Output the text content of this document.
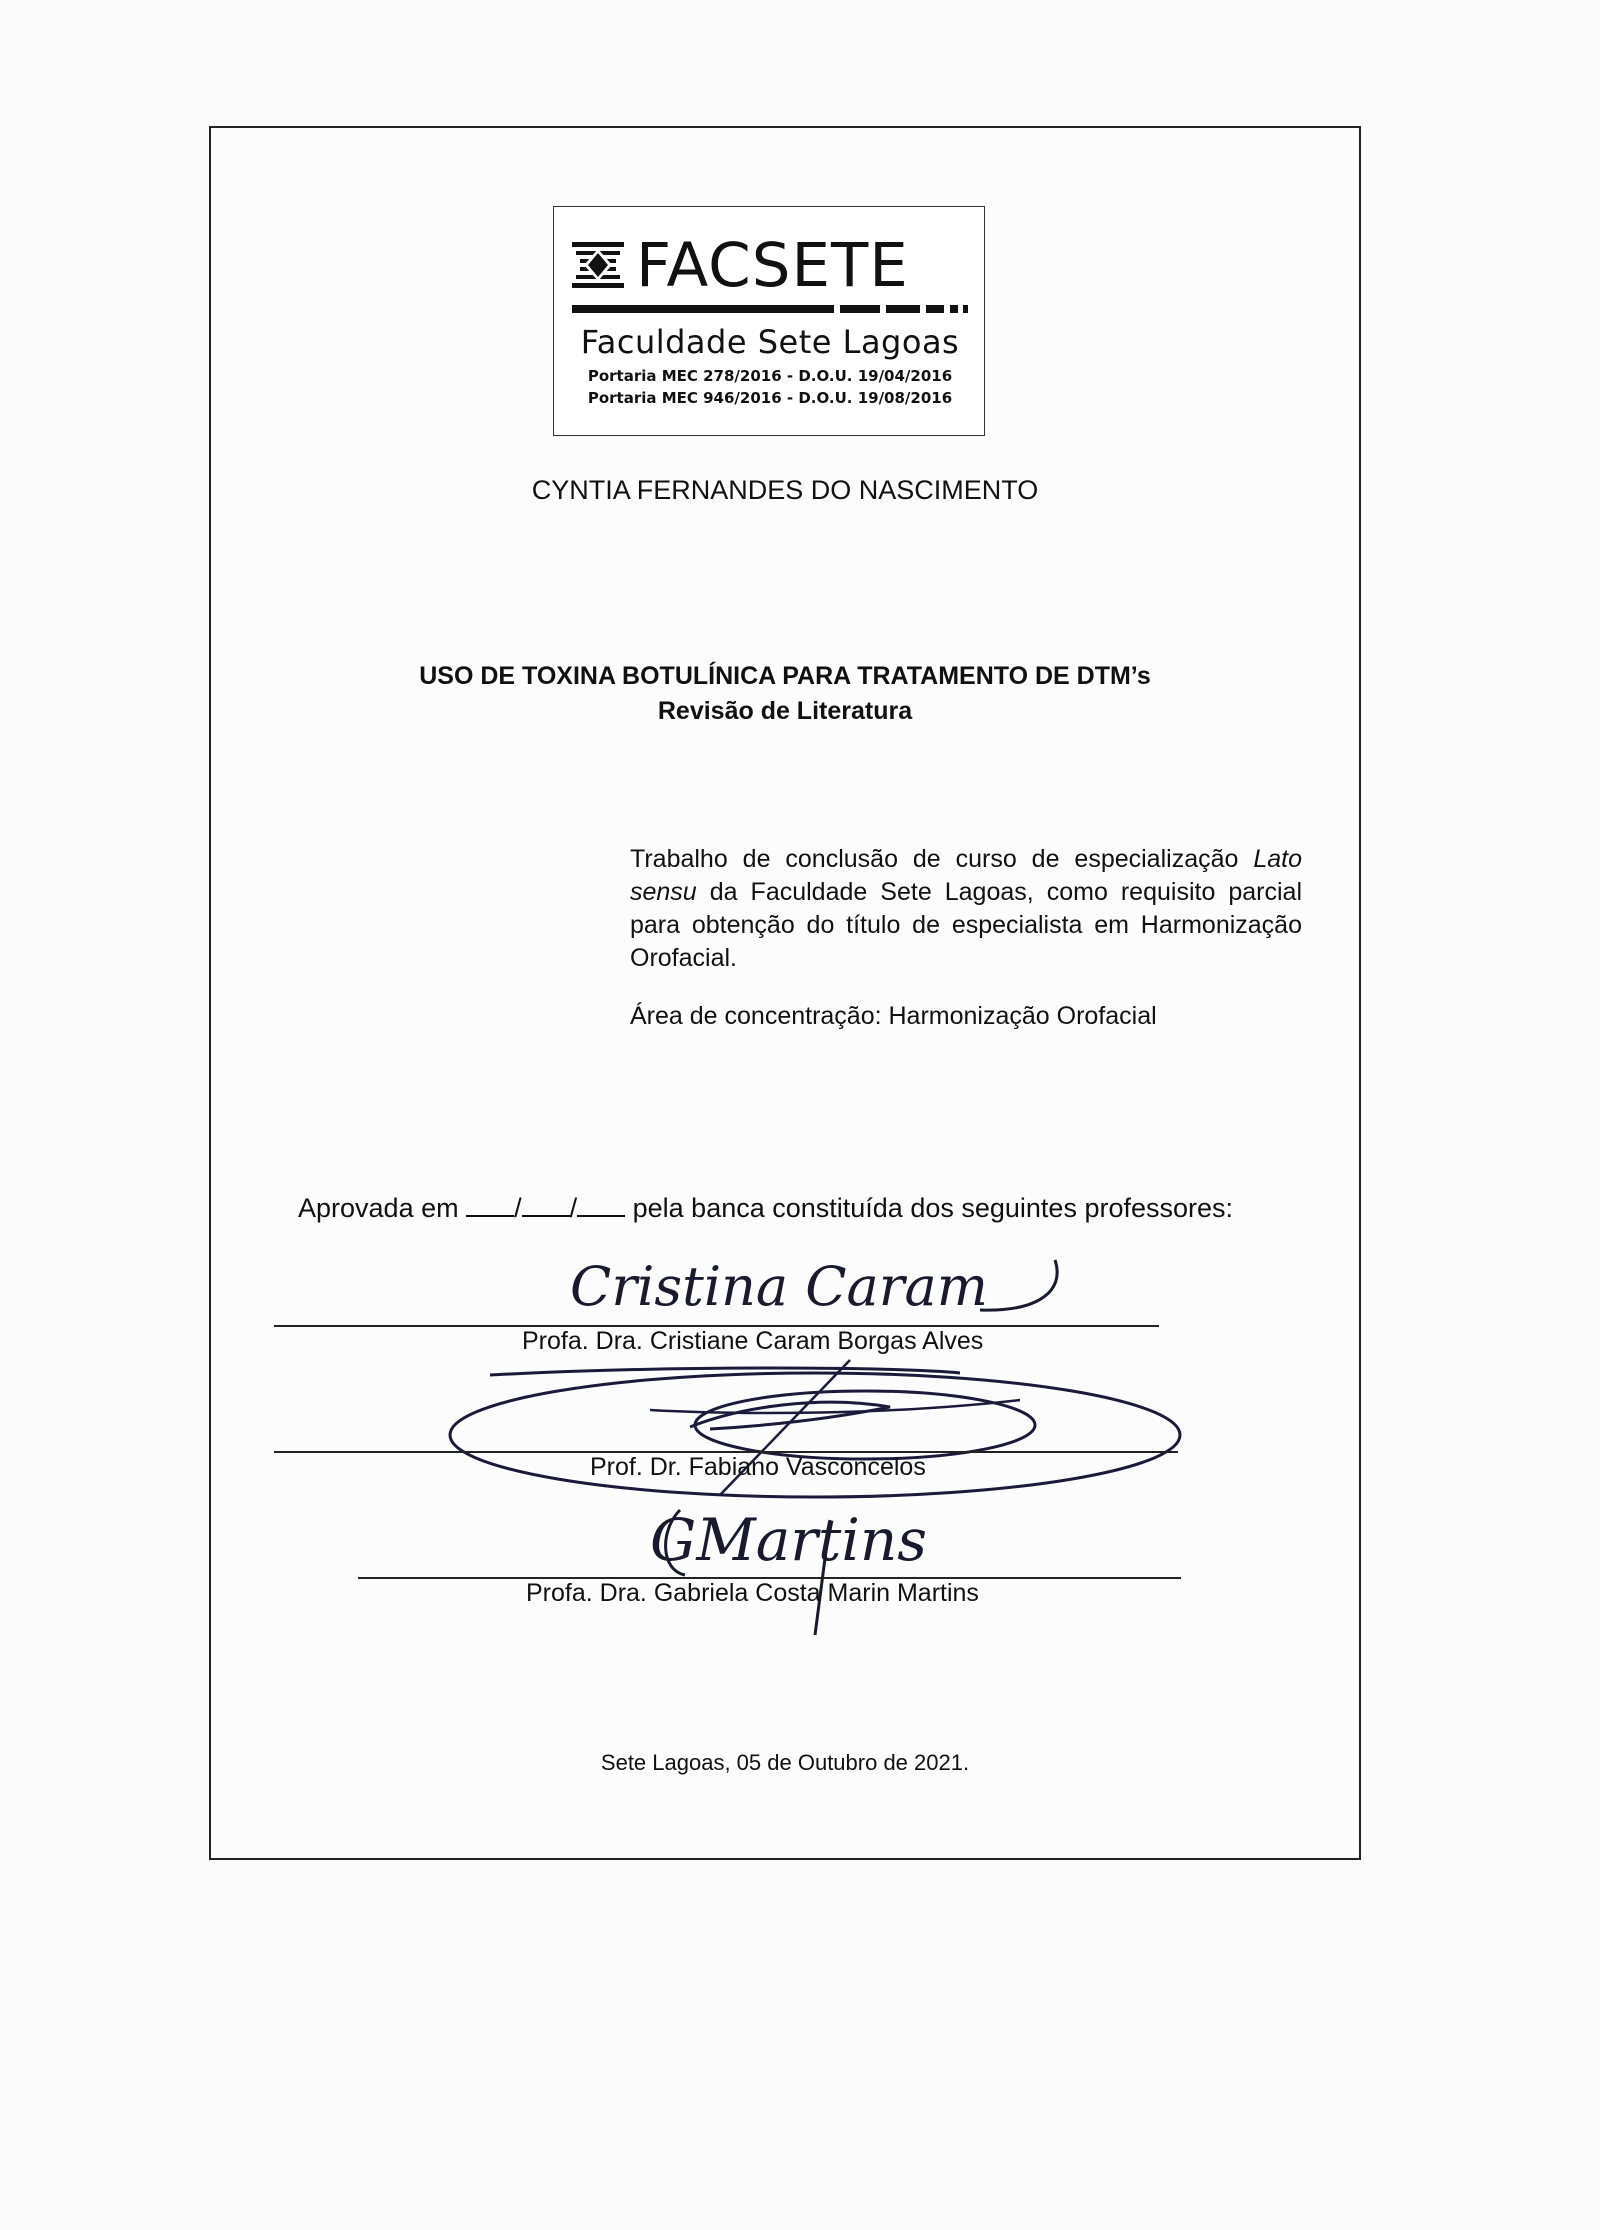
FACSETE
Faculdade Sete Lagoas
Portaria MEC 278/2016 - D.O.U. 19/04/2016
Portaria MEC 946/2016 - D.O.U. 19/08/2016
CYNTIA FERNANDES DO NASCIMENTO
USO DE TOXINA BOTULÍNICA PARA TRATAMENTO DE DTM’s
Revisão de Literatura
Trabalho de conclusão de curso de especialização Lato sensu da Faculdade Sete Lagoas, como requisito parcial para obtenção do título de especialista em Harmonização Orofacial.
Área de concentração: Harmonização Orofacial
Aprovada em / / pela banca constituída dos seguintes professores:
Cristina Caram
Profa. Dra. Cristiane Caram Borgas Alves
Prof. Dr. Fabiano Vasconcelos
GMartins
Profa. Dra. Gabriela Costa Marin Martins
Sete Lagoas, 05 de Outubro de 2021.
